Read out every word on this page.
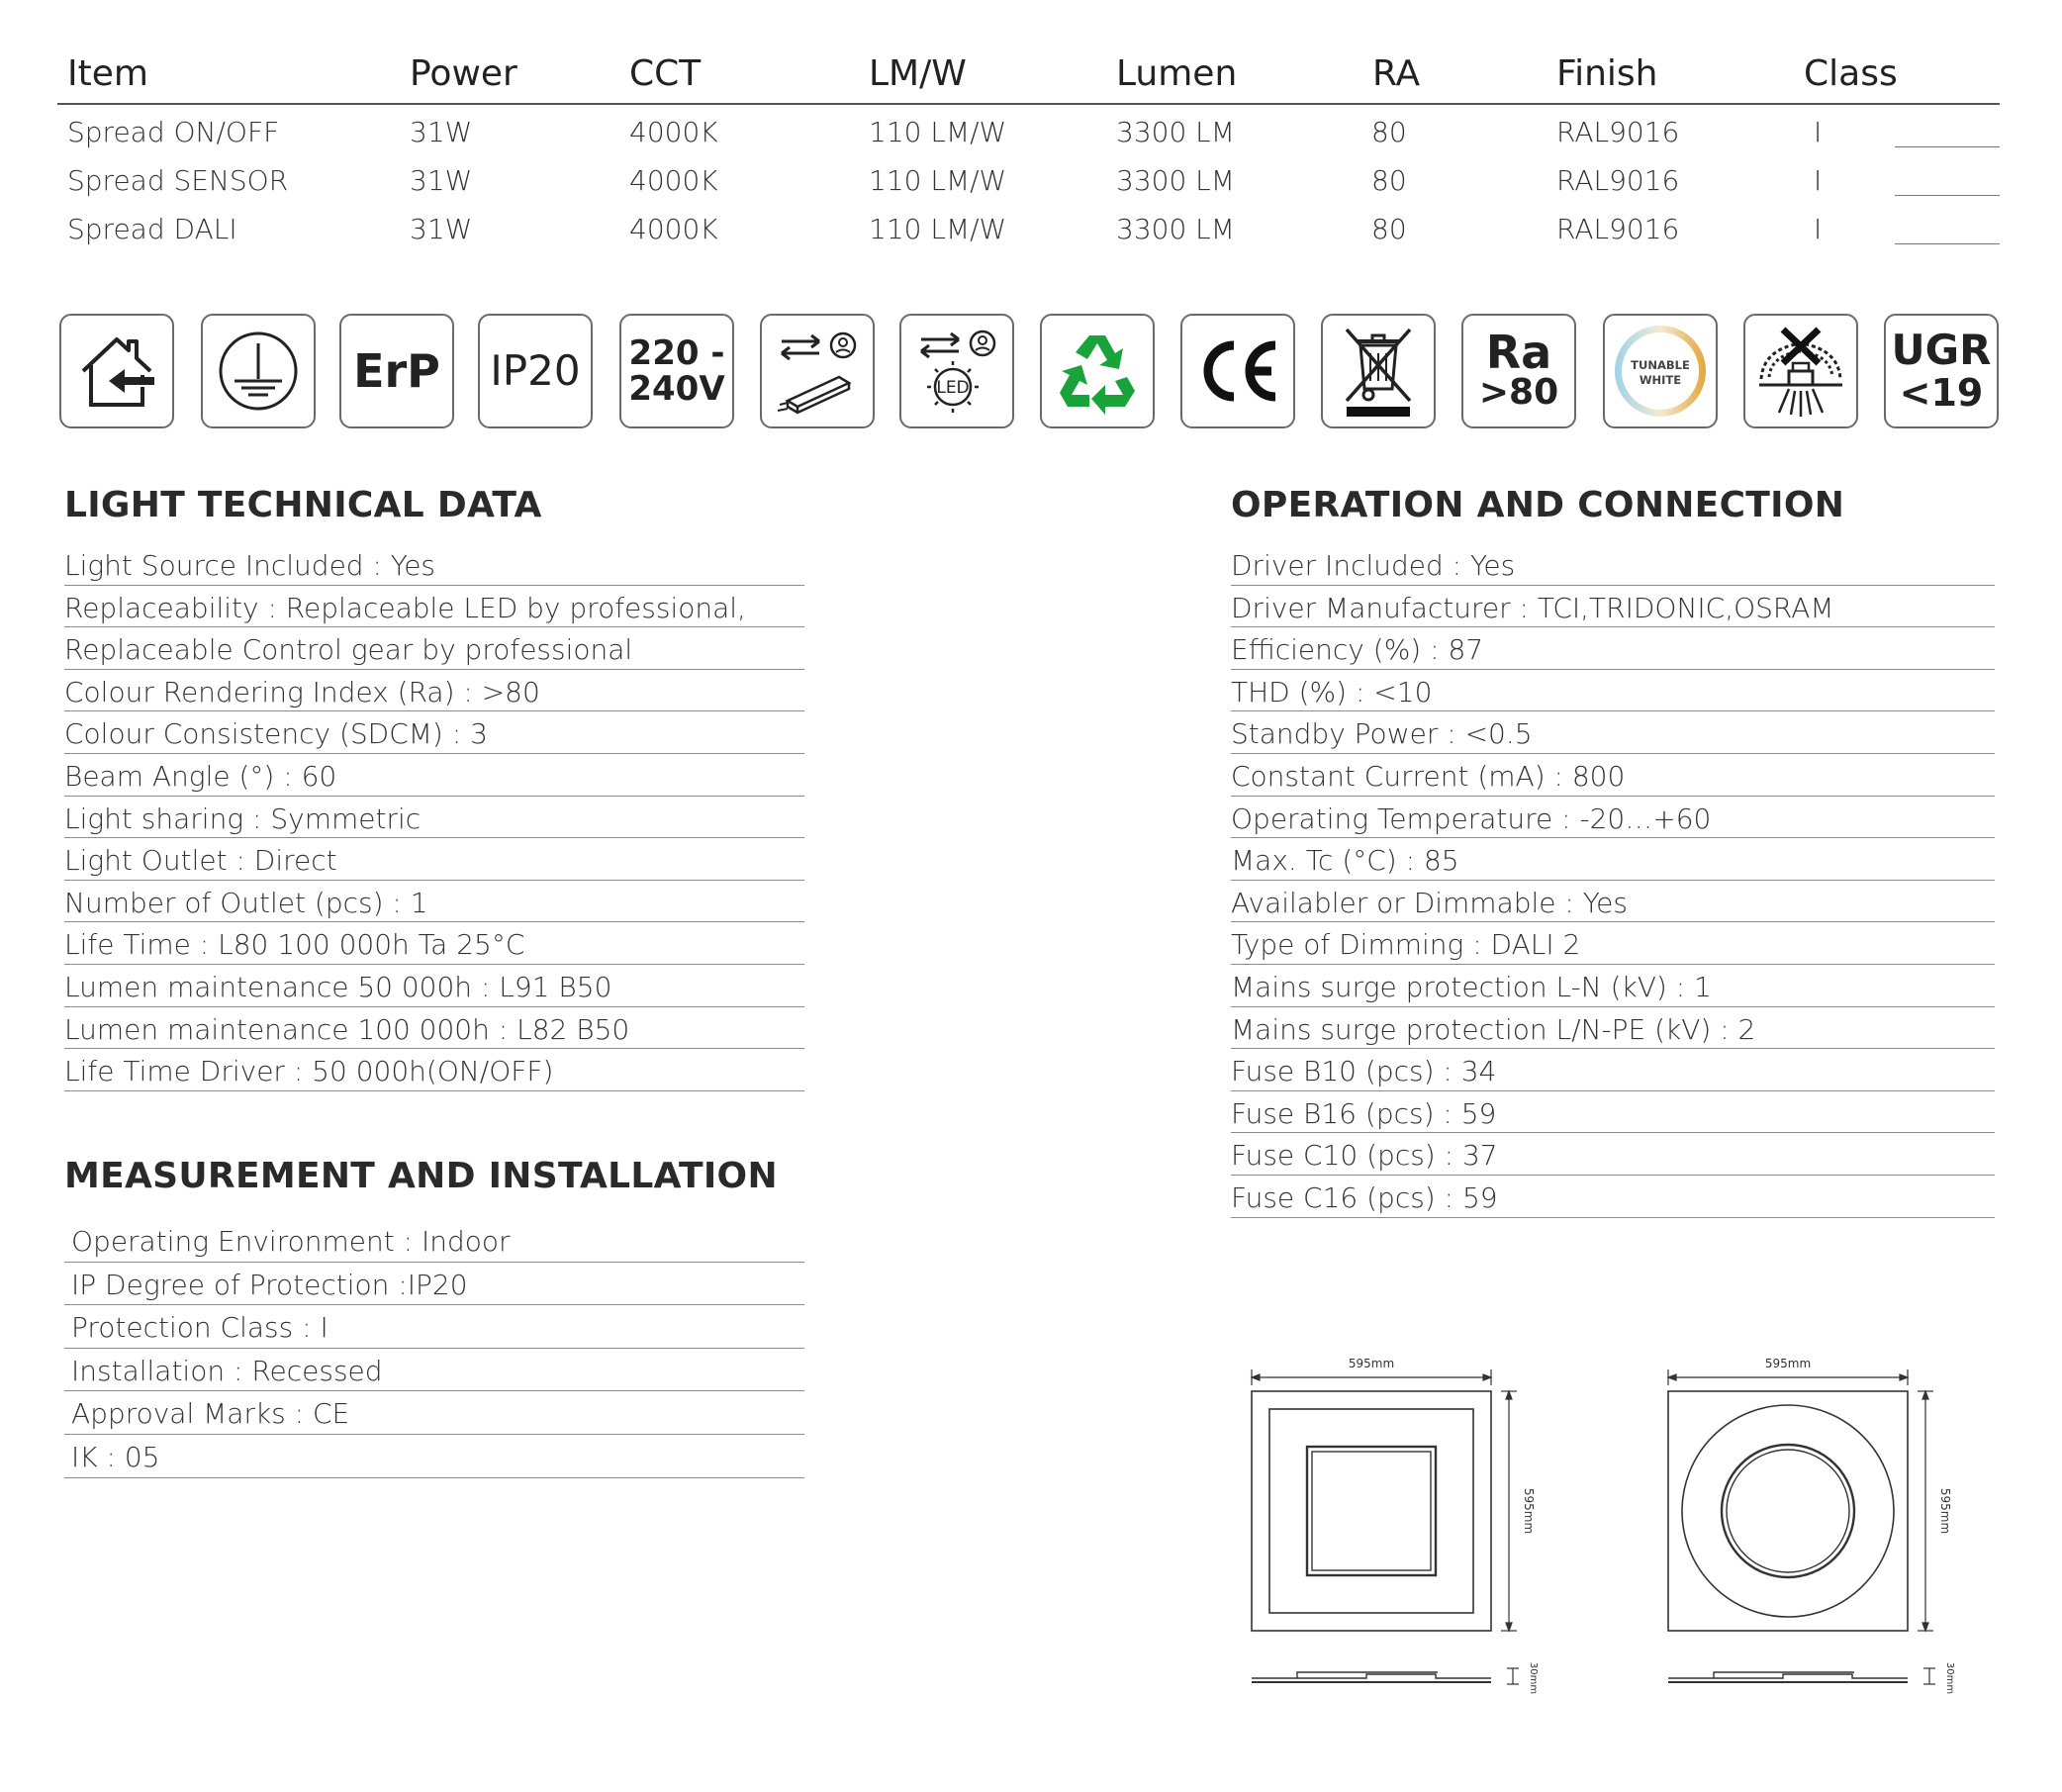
Item	Power	CCT	LM/W	Lumen	RA	Finish	Class
Spread ON/OFF	31W	4000K	110 LM/W	3300 LM	80	RAL9016	I
Spread SENSOR	31W	4000K	110 LM/W	3300 LM	80	RAL9016	I
Spread DALI	31W	4000K	110 LM/W	3300 LM	80	RAL9016	I
ErP IP20 220 -
240V	LED
Ra
>80
TUNABLE
WHITE
UGR
<19
LIGHT TECHNICAL DATA
Light Source Included : Yes
Replaceability : Replaceable LED by professional,
Replaceable Control gear by professional
Colour Rendering Index (Ra) : >80
Colour Consistency (SDCM) : 3
Beam Angle (°) : 60
Light sharing : Symmetric
Light Outlet : Direct
Number of Outlet (pcs) : 1
Life Time : L80 100 000h Ta 25°C
Lumen maintenance 50 000h : L91 B50
Lumen maintenance 100 000h : L82 B50
Life Time Driver : 50 000h(ON/OFF)
MEASUREMENT AND INSTALLATION
Operating Environment : Indoor
IP Degree of Protection :IP20
Protection Class : I
Installation : Recessed
Approval Marks : CE
IK : 05
OPERATION AND CONNECTION
Driver Included : Yes
Driver Manufacturer : TCI,TRIDONIC,OSRAM
Efficiency (%) : 87
THD (%) : <10
Standby Power : <0.5
Constant Current (mA) : 800
Operating Temperature : -20…+60
Max. Tc (°C) : 85
Availabler or Dimmable : Yes
Type of Dimming : DALI 2
Mains surge protection L-N (kV) : 1
Mains surge protection L/N-PE (kV) : 2
Fuse B10 (pcs) : 34
Fuse B16 (pcs) : 59
Fuse C10 (pcs) : 37
Fuse C16 (pcs) : 59
595mm
595mm
30mm
595mm
595mm
30mm
